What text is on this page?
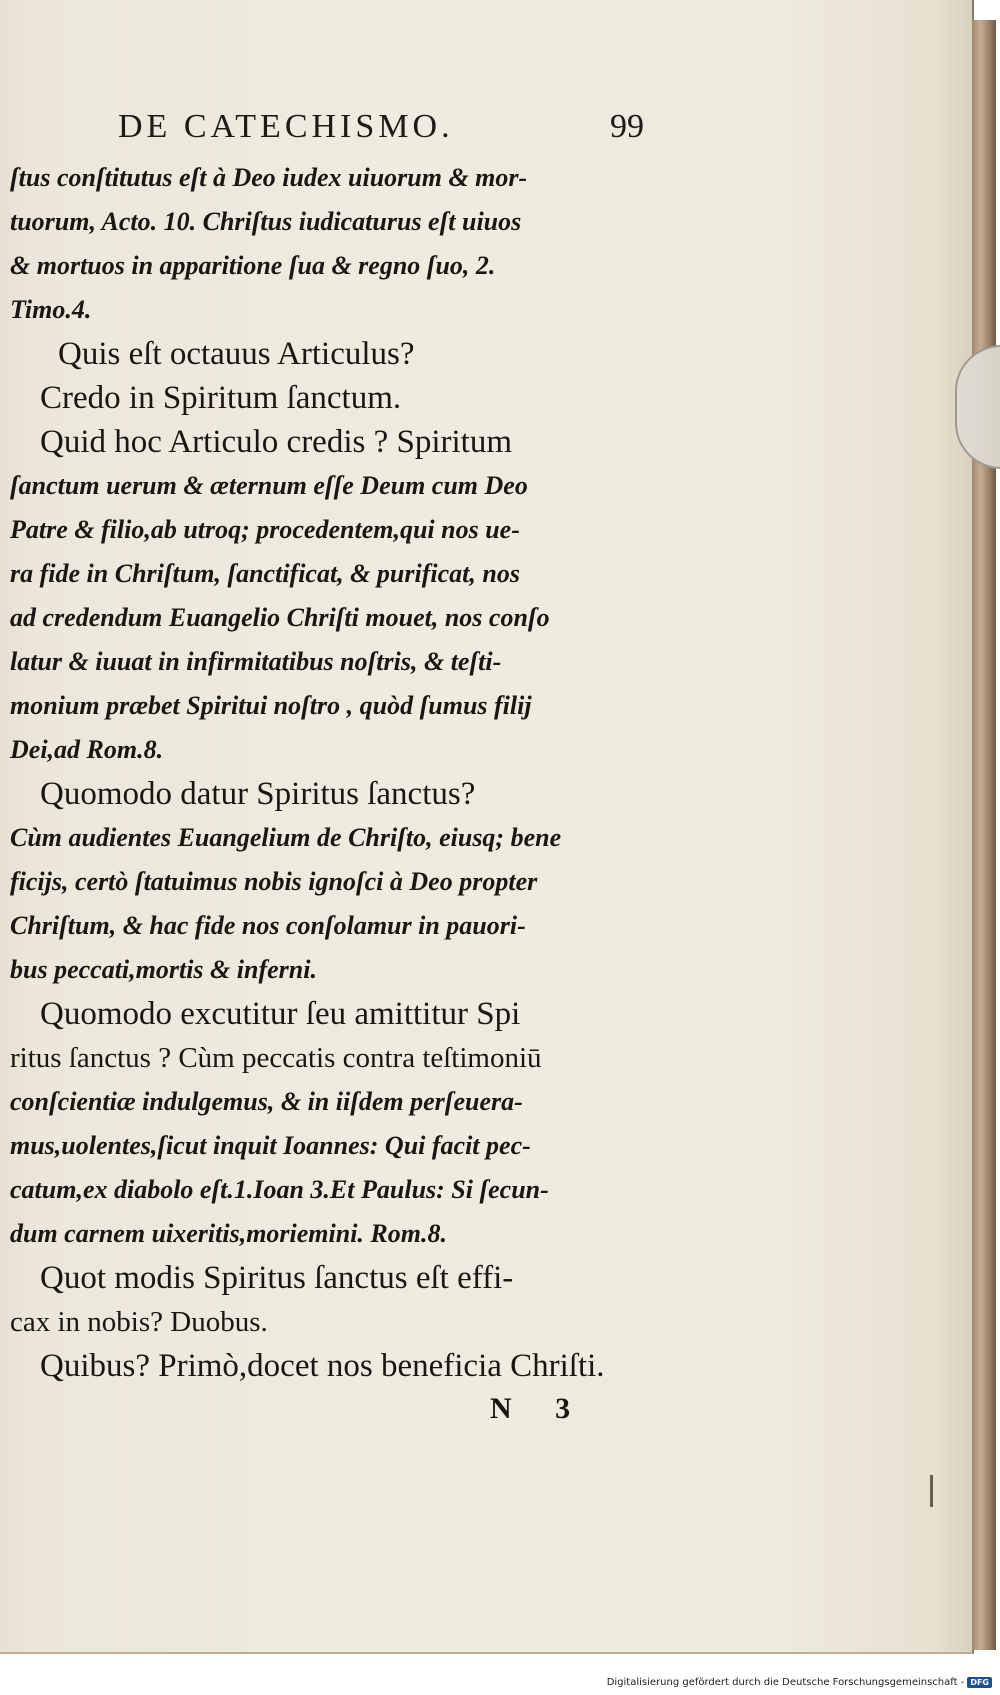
DE CATECHISMO.	99
ſtus conſtitutus eſt à Deo iudex uiuorum & mor-
tuorum, Acto. 10. Chriſtus iudicaturus eſt uiuos
& mortuos in apparitione ſua & regno ſuo, 2.
Timo.4.
Quis eſt octauus Articulus?
Credo in Spiritum ſanctum.
Quid hoc Articulo credis ? Spiritum
ſanctum uerum & æternum eſſe Deum cum Deo
Patre & filio,ab utroq; procedentem,qui nos ue-
ra fide in Chriſtum, ſanctificat, & purificat, nos
ad credendum Euangelio Chriſti mouet, nos conſo
latur & iuuat in infirmitatibus noſtris, & teſti-
monium præbet Spiritui noſtro , quòd ſumus filij
Dei,ad Rom.8.
Quomodo datur Spiritus ſanctus?
Cùm audientes Euangelium de Chriſto, eiusq; bene
ficijs, certò ſtatuimus nobis ignoſci à Deo propter
Chriſtum, & hac fide nos conſolamur in pauori-
bus peccati,mortis & inferni.
Quomodo excutitur ſeu amittitur Spi
ritus ſanctus ? Cùm peccatis contra teſtimoniū
conſcientiæ indulgemus, & in iiſdem perſeuera-
mus,uolentes,ſicut inquit Ioannes: Qui facit pec-
catum,ex diabolo eſt.1.Ioan 3.Et Paulus: Si ſecun-
dum carnem uixeritis,moriemini. Rom.8.
Quot modis Spiritus ſanctus eſt effi-
cax in nobis? Duobus.
Quibus? Primò,docet nos beneficia Chriſti.
N 3
Digitalisierung gefördert durch die Deutsche Forschungsgemeinschaft - DFG
